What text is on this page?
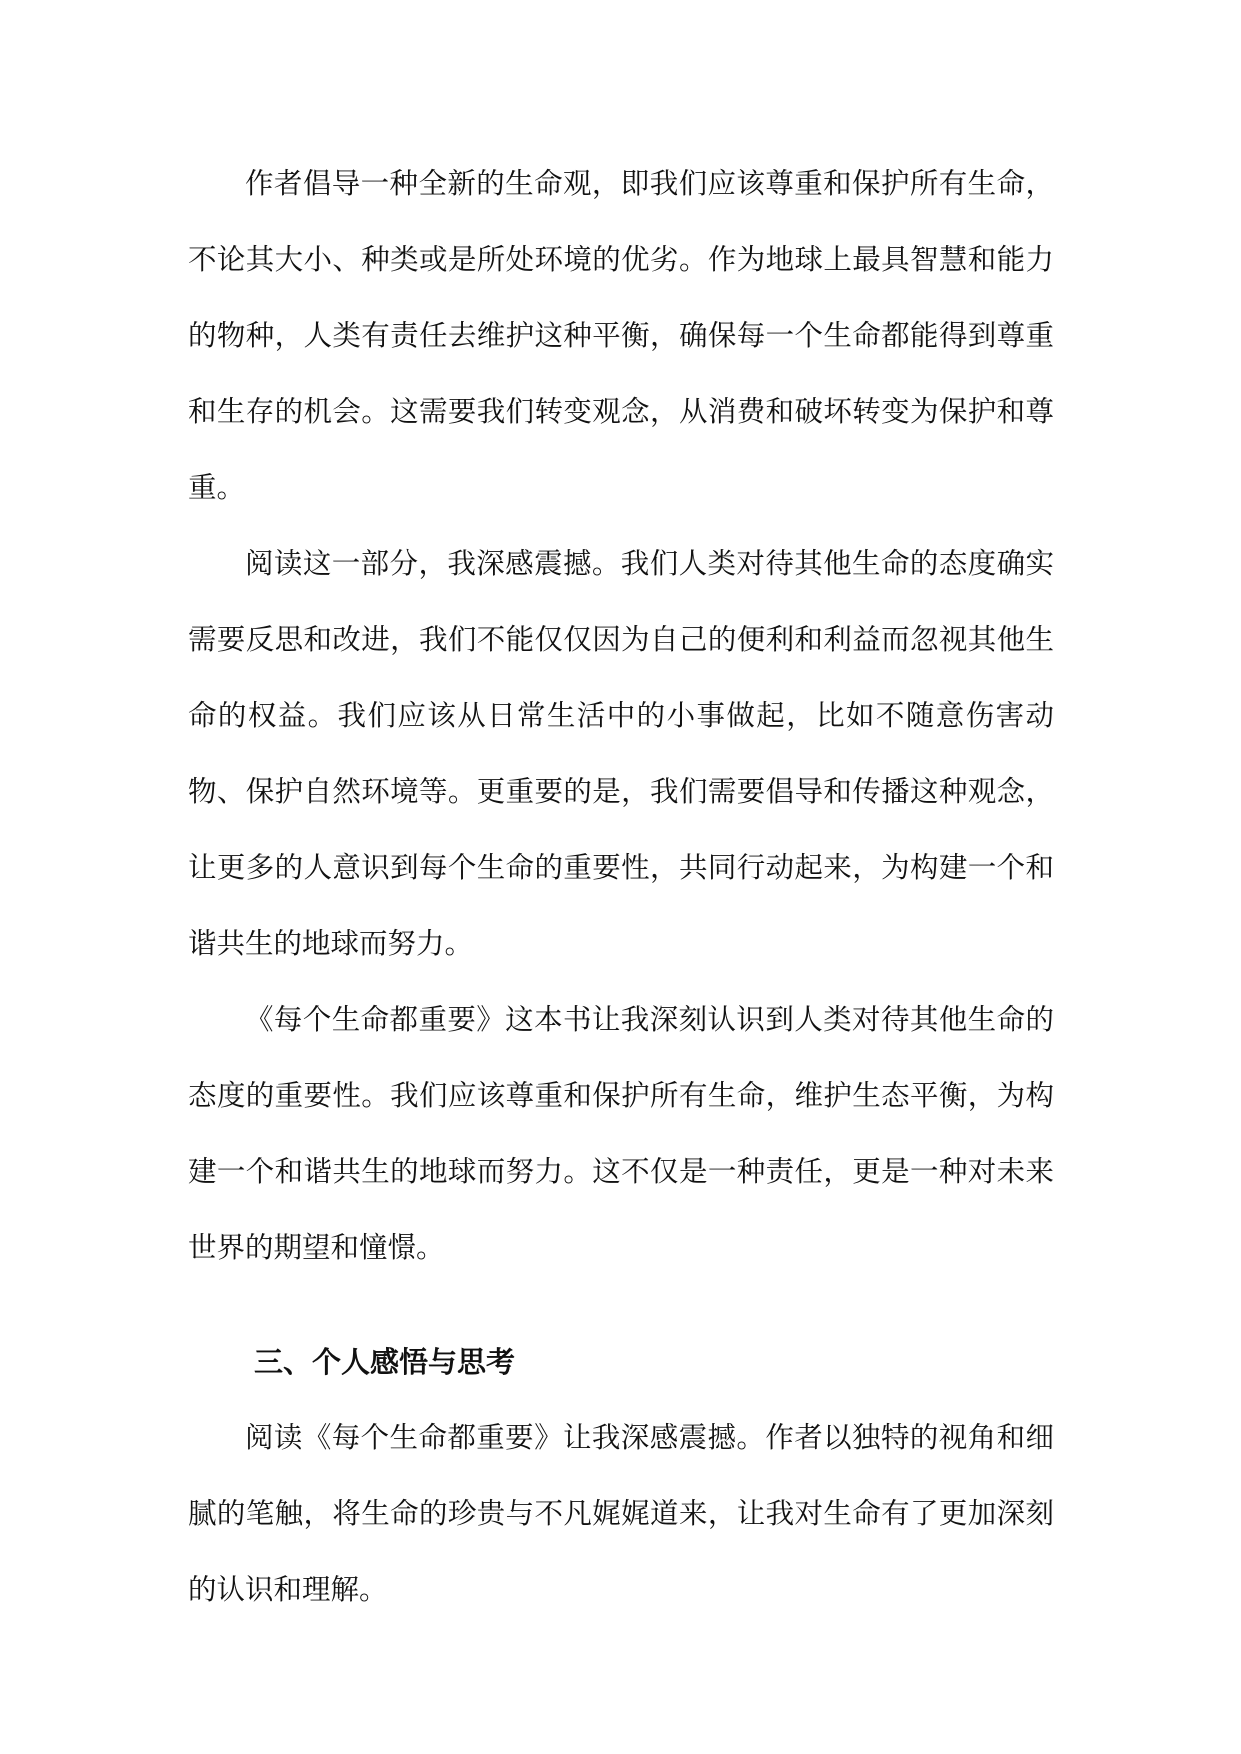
作者倡导一种全新的生命观，即我们应该尊重和保护所有生命，不论其大小、种类或是所处环境的优劣。作为地球上最具智慧和能力的物种，人类有责任去维护这种平衡，确保每一个生命都能得到尊重和生存的机会。这需要我们转变观念，从消费和破坏转变为保护和尊重。

阅读这一部分，我深感震撼。我们人类对待其他生命的态度确实需要反思和改进，我们不能仅仅因为自己的便利和利益而忽视其他生命的权益。我们应该从日常生活中的小事做起，比如不随意伤害动物、保护自然环境等。更重要的是，我们需要倡导和传播这种观念，让更多的人意识到每个生命的重要性，共同行动起来，为构建一个和谐共生的地球而努力。

《每个生命都重要》这本书让我深刻认识到人类对待其他生命的态度的重要性。我们应该尊重和保护所有生命，维护生态平衡，为构建一个和谐共生的地球而努力。这不仅是一种责任，更是一种对未来世界的期望和憧憬。

三、个人感悟与思考

阅读《每个生命都重要》让我深感震撼。作者以独特的视角和细腻的笔触，将生命的珍贵与不凡娓娓道来，让我对生命有了更加深刻的认识和理解。
